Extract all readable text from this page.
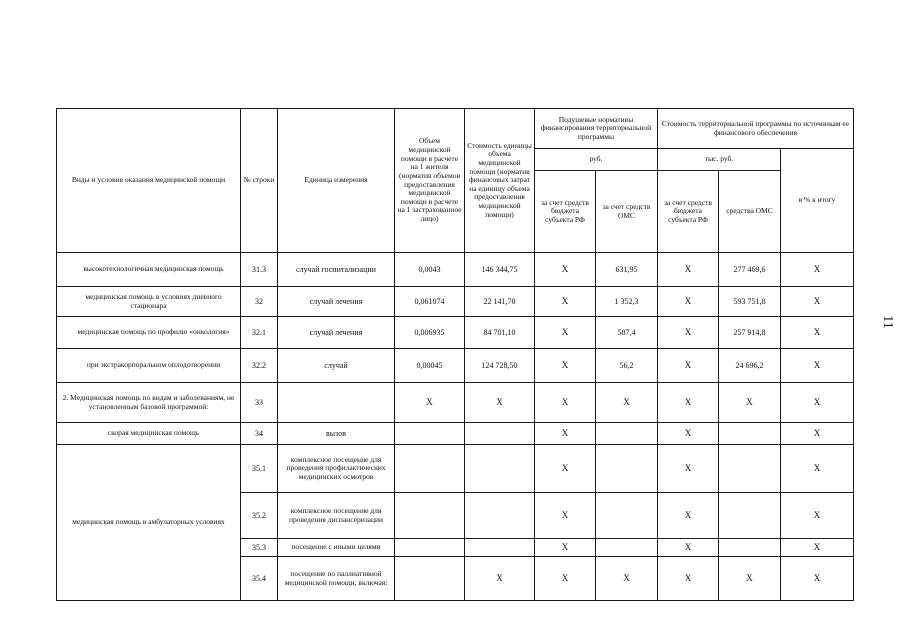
Виды и условия оказания медицинской помощи	№ строки	Единица измерения	Объем медицинской помощи в расчете на 1 жителя (норматив объемов предоставления медицинской помощи в расчете на 1 застрахованное лицо)	Стоимость единицы объема медицинской помощи (норматив финансовых затрат на единицу объема предоставления медицинской помощи)	Подушевые нормативы финансирования территориальной программы		Стоимость территориальной программы по источникам ее финансового обеспечения		
					руб.		тыс. руб.		в % к итогу
					за счет средств бюджета субъекта РФ	за счет средств ОМС	за счет средств бюджета субъекта РФ	средства ОМС	
высокотехнологичная медицинская помощь	31.3	случай госпитализации	0,0043	146 344,75	X	631,95	X	277 469,6	X
медицинская помощь в условиях дневного стационара	32	случай лечения	0,061074	22 141,70	X	1 352,3	X	593 751,8	X
медицинская помощь по профилю «онкология»	32.1	случай лечения	0,006935	84 701,10	X	587,4	X	257 914,8	X
при экстракорпоральном оплодотворении	32.2	случай	0,00045	124 728,50	X	56,2	X	24 696,2	X
2. Медицинская помощь по видам и заболеваниям, не установленным базовой программой:	33		X	X	X	X	X	X	X
скорая медицинская помощь	34	вызов			X		X		X
медицинская помощь в амбулаторных условиях	35.1	комплексное посещение для проведения профилактических медицинских осмотров			X		X		X
	35.2	комплексное посещение для проведения диспансеризации			X		X		X
	35.3	посещение с иными целями			X		X		X
	35.4	посещение по паллиативной медицинской помощи, включая:		X	X	X	X	X	X
11
